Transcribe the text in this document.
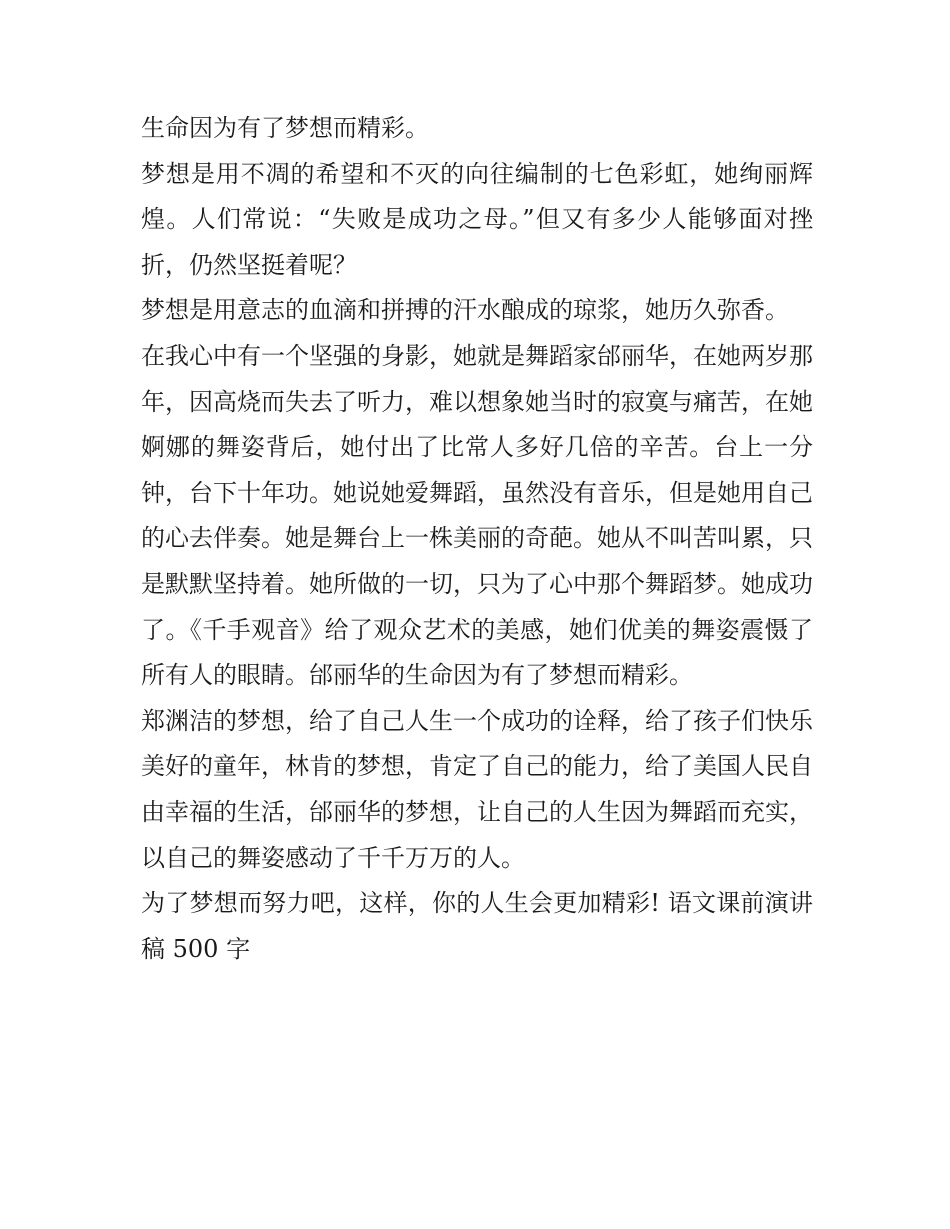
生命因为有了梦想而精彩。

梦想是用不凋的希望和不灭的向往编制的七色彩虹，她绚丽辉煌。人们常说：“失败是成功之母。”但又有多少人能够面对挫折，仍然坚挺着呢？

梦想是用意志的血滴和拼搏的汗水酿成的琼浆，她历久弥香。

在我心中有一个坚强的身影，她就是舞蹈家邰丽华，在她两岁那年，因高烧而失去了听力，难以想象她当时的寂寞与痛苦，在她婀娜的舞姿背后，她付出了比常人多好几倍的辛苦。台上一分钟，台下十年功。她说她爱舞蹈，虽然没有音乐，但是她用自己的心去伴奏。她是舞台上一株美丽的奇葩。她从不叫苦叫累，只是默默坚持着。她所做的一切，只为了心中那个舞蹈梦。她成功了。《千手观音》给了观众艺术的美感，她们优美的舞姿震慑了所有人的眼睛。邰丽华的生命因为有了梦想而精彩。

郑渊洁的梦想，给了自己人生一个成功的诠释，给了孩子们快乐美好的童年，林肯的梦想，肯定了自己的能力，给了美国人民自由幸福的生活，邰丽华的梦想，让自己的人生因为舞蹈而充实，以自己的舞姿感动了千千万万的人。

为了梦想而努力吧，这样，你的人生会更加精彩! 语文课前演讲稿 500 字
